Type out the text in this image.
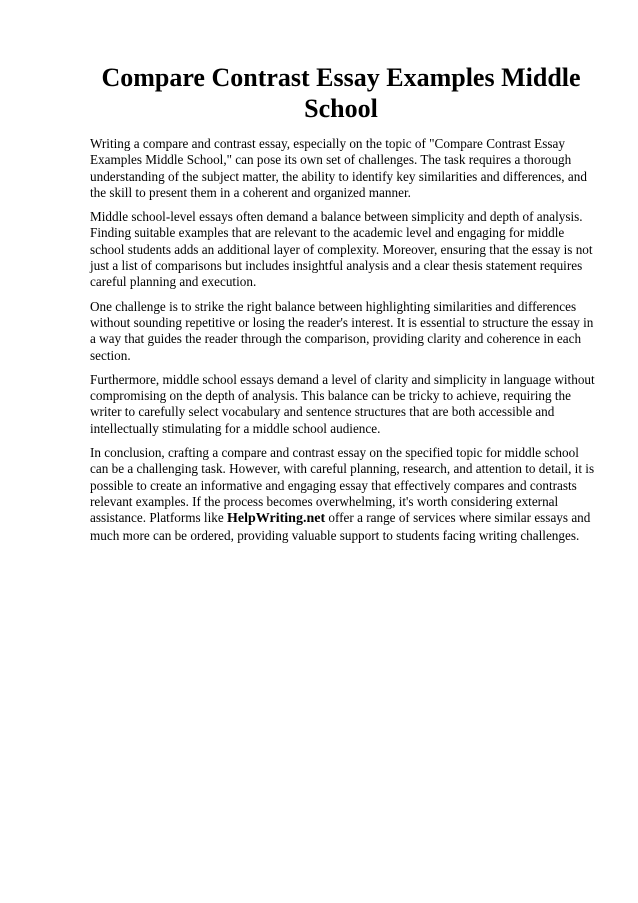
Compare Contrast Essay Examples Middle School

Writing a compare and contrast essay, especially on the topic of "Compare Contrast Essay Examples Middle School," can pose its own set of challenges. The task requires a thorough understanding of the subject matter, the ability to identify key similarities and differences, and the skill to present them in a coherent and organized manner.

Middle school-level essays often demand a balance between simplicity and depth of analysis. Finding suitable examples that are relevant to the academic level and engaging for middle school students adds an additional layer of complexity. Moreover, ensuring that the essay is not just a list of comparisons but includes insightful analysis and a clear thesis statement requires careful planning and execution.

One challenge is to strike the right balance between highlighting similarities and differences without sounding repetitive or losing the reader's interest. It is essential to structure the essay in a way that guides the reader through the comparison, providing clarity and coherence in each section.

Furthermore, middle school essays demand a level of clarity and simplicity in language without compromising on the depth of analysis. This balance can be tricky to achieve, requiring the writer to carefully select vocabulary and sentence structures that are both accessible and intellectually stimulating for a middle school audience.

In conclusion, crafting a compare and contrast essay on the specified topic for middle school can be a challenging task. However, with careful planning, research, and attention to detail, it is possible to create an informative and engaging essay that effectively compares and contrasts relevant examples. If the process becomes overwhelming, it's worth considering external assistance. Platforms like HelpWriting.net offer a range of services where similar essays and much more can be ordered, providing valuable support to students facing writing challenges.
